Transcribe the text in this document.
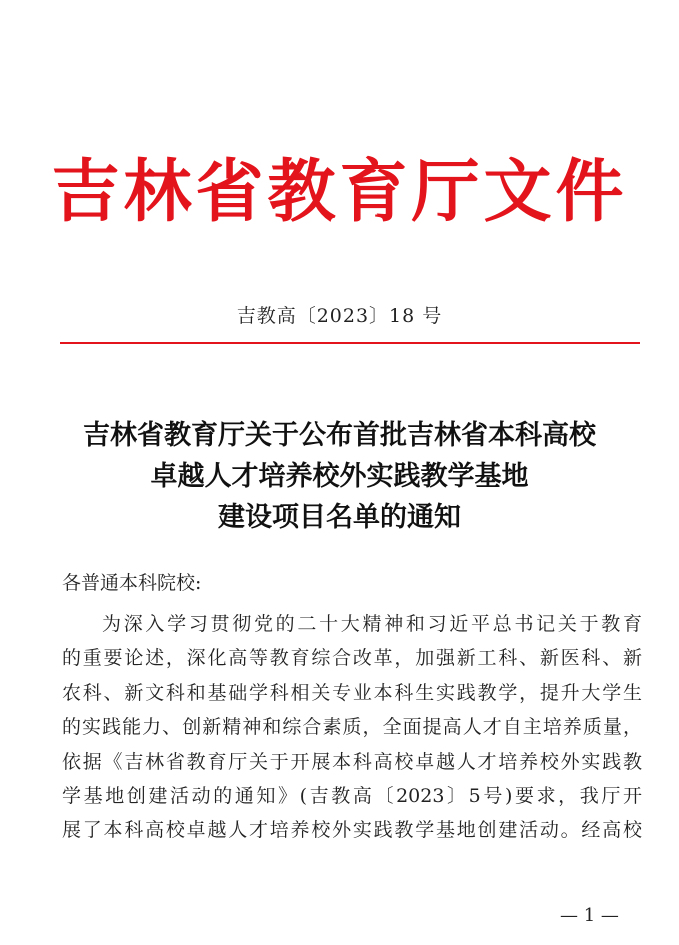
吉林省教育厅文件
吉教高〔2023〕18 号
吉林省教育厅关于公布首批吉林省本科高校
卓越人才培养校外实践教学基地
建设项目名单的通知
各普通本科院校:
为深入学习贯彻党的二十大精神和习近平总书记关于教育
的重要论述，深化高等教育综合改革，加强新工科、新医科、新
农科、新文科和基础学科相关专业本科生实践教学，提升大学生
的实践能力、创新精神和综合素质，全面提高人才自主培养质量，
依据《吉林省教育厅关于开展本科高校卓越人才培养校外实践教
学基地创建活动的通知》(吉教高〔2023〕5号)要求，我厅开
展了本科高校卓越人才培养校外实践教学基地创建活动。经高校
— 1 —
